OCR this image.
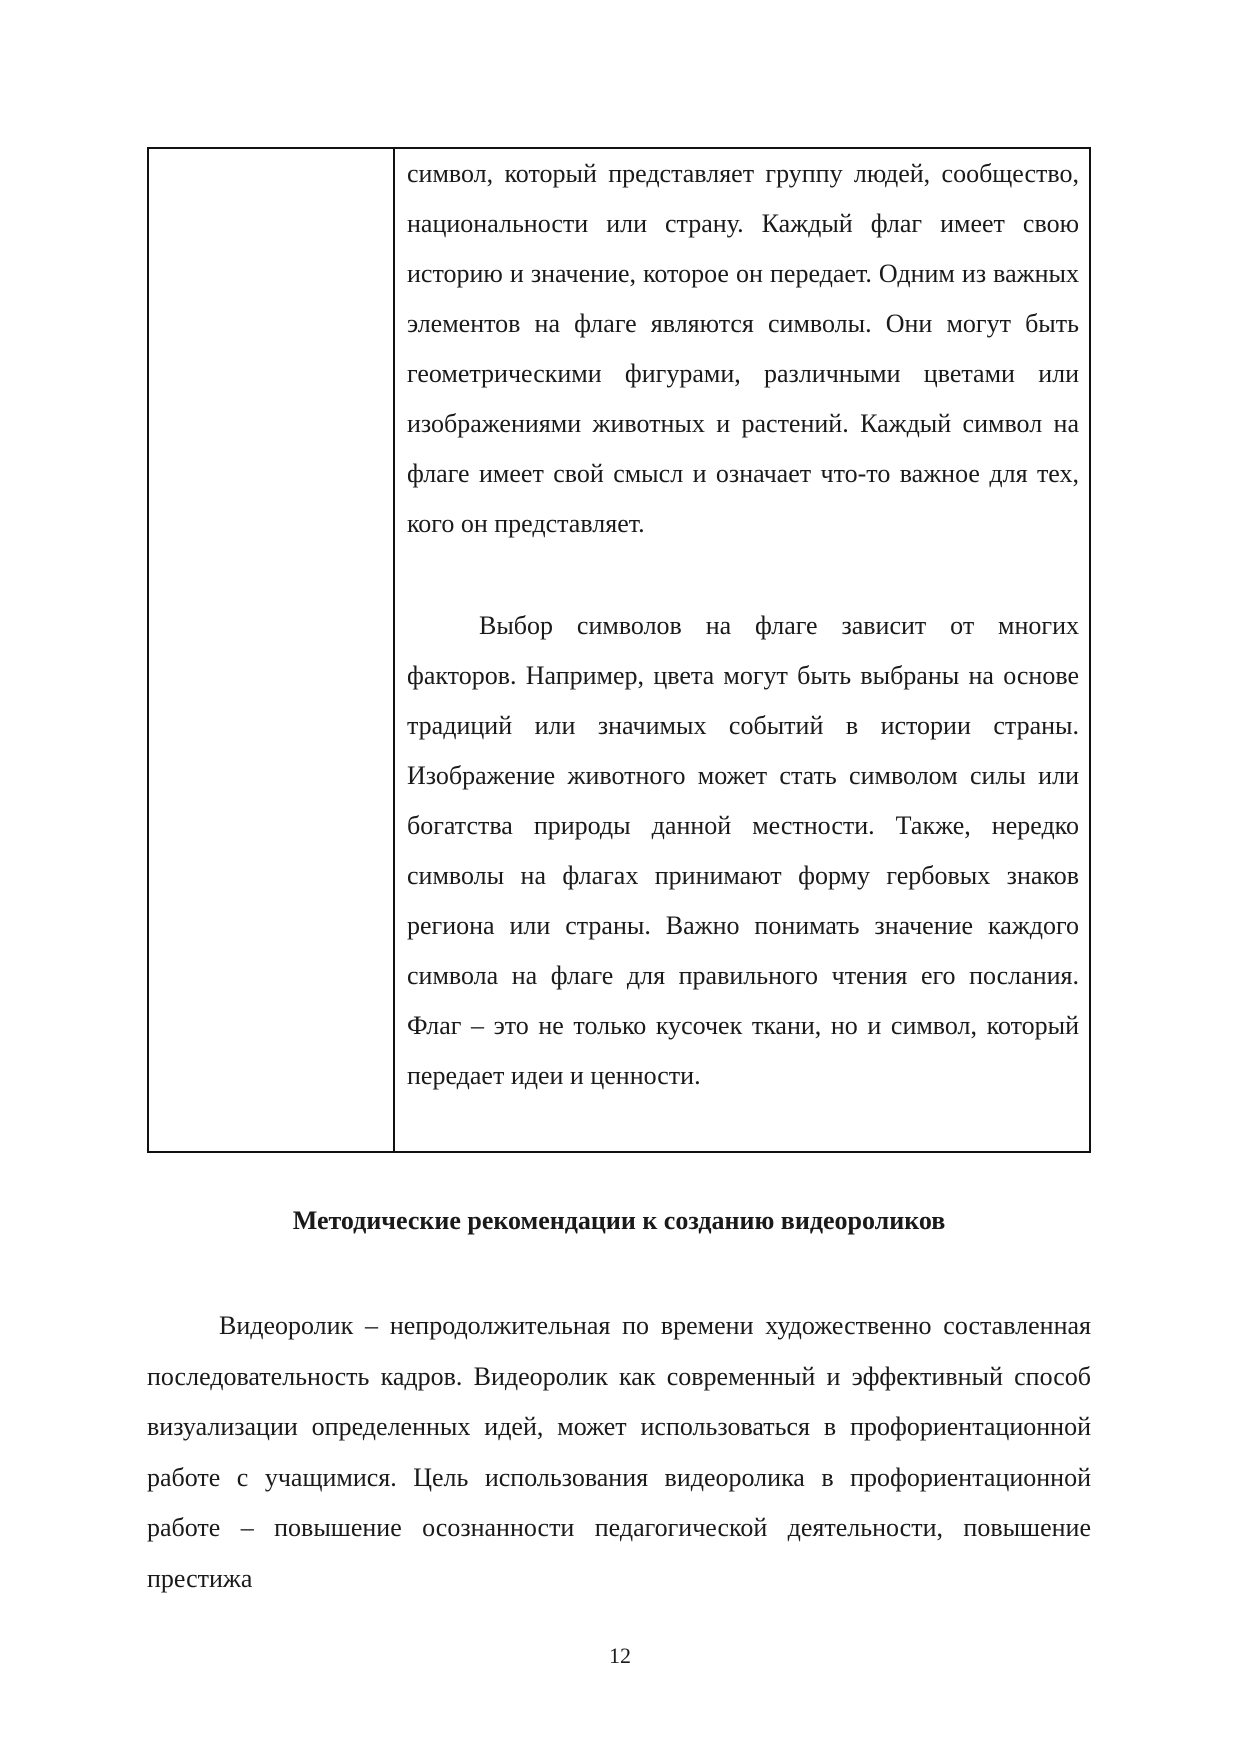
символ, который представляет группу людей, сообщество, национальности или страну. Каждый флаг имеет свою историю и значение, которое он передает. Одним из важных элементов на флаге являются символы. Они могут быть геометрическими фигурами, различными цветами или изображениями животных и растений. Каждый символ на флаге имеет свой смысл и означает что-то важное для тех, кого он представляет.

Выбор символов на флаге зависит от многих факторов. Например, цвета могут быть выбраны на основе традиций или значимых событий в истории страны. Изображение животного может стать символом силы или богатства природы данной местности. Также, нередко символы на флагах принимают форму гербовых знаков региона или страны. Важно понимать значение каждого символа на флаге для правильного чтения его послания. Флаг – это не только кусочек ткани, но и символ, который передает идеи и ценности.

Методические рекомендации к созданию видеороликов

Видеоролик – непродолжительная по времени художественно составленная последовательность кадров. Видеоролик как современный и эффективный способ визуализации определенных идей, может использоваться в профориентационной работе с учащимися. Цель использования видеоролика в профориентационной работе – повышение осознанности педагогической деятельности, повышение престижа

12
